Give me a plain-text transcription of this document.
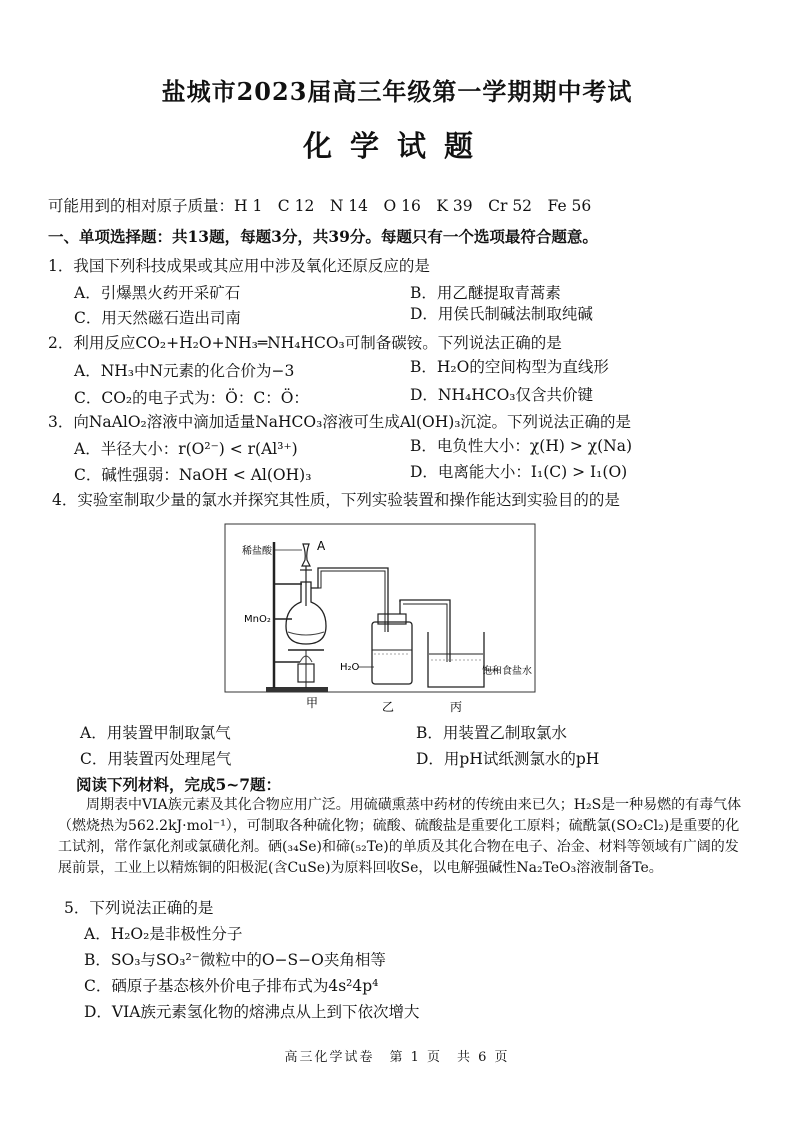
盐城市2023届高三年级第一学期期中考试
化学试题
可能用到的相对原子质量：H 1　C 12　N 14　O 16　K 39　Cr 52　Fe 56
一、单项选择题：共13题，每题3分，共39分。每题只有一个选项最符合题意。
1．我国下列科技成果或其应用中涉及氧化还原反应的是
A．引爆黑火药开采矿石	B．用乙醚提取青蒿素
C．用天然磁石造出司南	D．用侯氏制碱法制取纯碱
2．利用反应CO₂+H₂O+NH₃═NH₄HCO₃可制备碳铵。下列说法正确的是
A．NH₃中N元素的化合价为−3	B．H₂O的空间构型为直线形
C．CO₂的电子式为：Ö：C：Ö：	D．NH₄HCO₃仅含共价键
3．向NaAlO₂溶液中滴加适量NaHCO₃溶液可生成Al(OH)₃沉淀。下列说法正确的是
A．半径大小：r(O²⁻) < r(Al³⁺)	B．电负性大小：χ(H) > χ(Na)
C．碱性强弱：NaOH < Al(OH)₃	D．电离能大小：I₁(C) > I₁(O)
4．实验室制取少量的氯水并探究其性质，下列实验装置和操作能达到实验目的的是
稀盐酸	A
MnO₂
H₂O	饱和食盐水
甲	乙	丙
A．用装置甲制取氯气	B．用装置乙制取氯水
C．用装置丙处理尾气	D．用pH试纸测氯水的pH
阅读下列材料，完成5~7题：
周期表中VIA族元素及其化合物应用广泛。用硫磺熏蒸中药材的传统由来已久；H₂S是一种易燃的有毒气体（燃烧热为562.2kJ·mol⁻¹），可制取各种硫化物；硫酸、硫酸盐是重要化工原料；硫酰氯(SO₂Cl₂)是重要的化工试剂，常作氯化剂或氯磺化剂。硒(₃₄Se)和碲(₅₂Te)的单质及其化合物在电子、冶金、材料等领域有广阔的发展前景，工业上以精炼铜的阳极泥(含CuSe)为原料回收Se，以电解强碱性Na₂TeO₃溶液制备Te。
5．下列说法正确的是
A．H₂O₂是非极性分子
B．SO₃与SO₃²⁻微粒中的O−S−O夹角相等
C．硒原子基态核外价电子排布式为4s²4p⁴
D．VIA族元素氢化物的熔沸点从上到下依次增大
高三化学试卷　第 1 页　共 6 页
